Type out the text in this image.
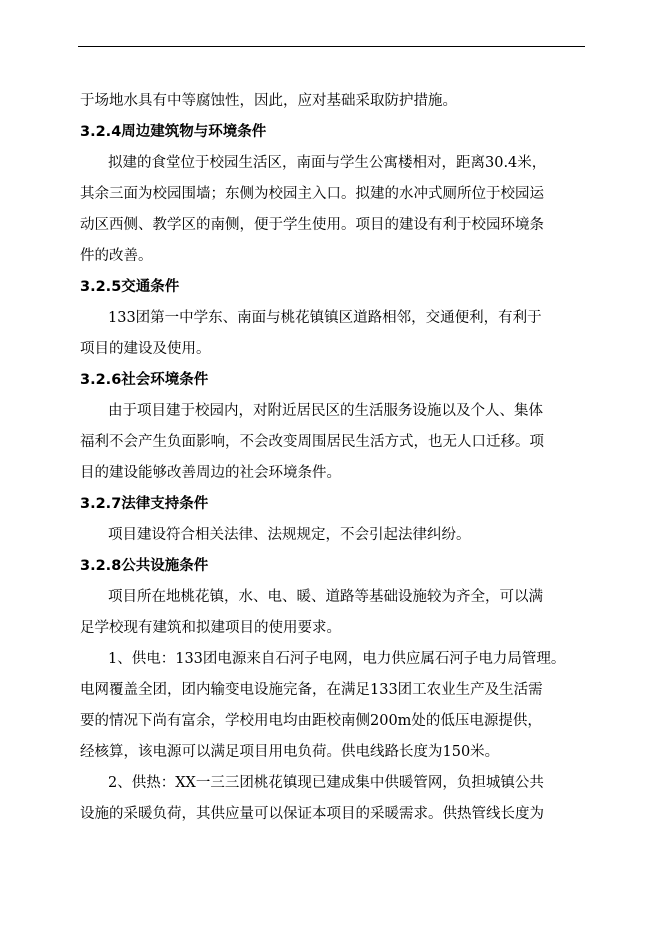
于场地水具有中等腐蚀性，因此，应对基础采取防护措施。

3.2.4周边建筑物与环境条件

拟建的食堂位于校园生活区，南面与学生公寓楼相对，距离30.4米，

其余三面为校园围墙；东侧为校园主入口。拟建的水冲式厕所位于校园运

动区西侧、教学区的南侧，便于学生使用。项目的建设有利于校园环境条

件的改善。

3.2.5交通条件

133团第一中学东、南面与桃花镇镇区道路相邻，交通便利，有利于

项目的建设及使用。

3.2.6社会环境条件

由于项目建于校园内，对附近居民区的生活服务设施以及个人、集体

福利不会产生负面影响，不会改变周围居民生活方式，也无人口迁移。项

目的建设能够改善周边的社会环境条件。

3.2.7法律支持条件

项目建设符合相关法律、法规规定，不会引起法律纠纷。

3.2.8公共设施条件

项目所在地桃花镇，水、电、暖、道路等基础设施较为齐全，可以满

足学校现有建筑和拟建项目的使用要求。

1、供电：133团电源来自石河子电网，电力供应属石河子电力局管理。

电网覆盖全团，团内输变电设施完备，在满足133团工农业生产及生活需

要的情况下尚有富余，学校用电均由距校南侧200m处的低压电源提供，

经核算，该电源可以满足项目用电负荷。供电线路长度为150米。

2、供热：XX一三三团桃花镇现已建成集中供暖管网，负担城镇公共

设施的采暖负荷，其供应量可以保证本项目的采暖需求。供热管线长度为
